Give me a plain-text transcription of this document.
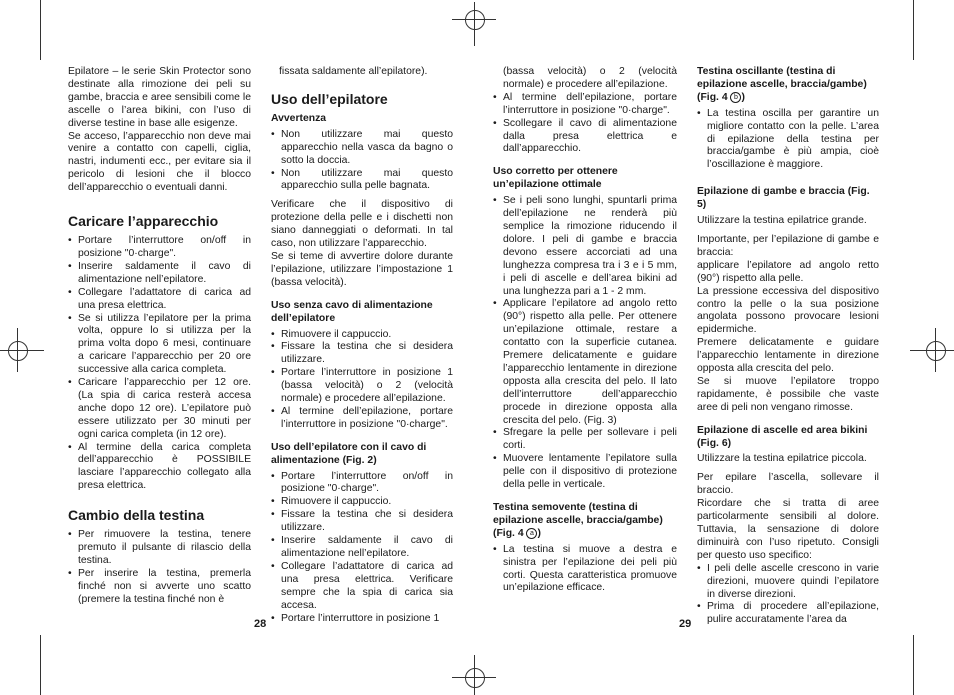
Epilatore – le serie Skin Protector sono destinate alla rimozione dei peli su gambe, braccia e aree sensibili come le ascelle o l’area bikini, con l’uso di diverse testine in base alle esigenze.

Se acceso, l’apparecchio non deve mai venire a contatto con capelli, ciglia, nastri, indumenti ecc., per evitare sia il pericolo di lesioni che il blocco dell’apparecchio o eventuali danni.

Caricare l’apparecchio
• Portare l’interruttore on/off in posizione "0·charge".
• Inserire saldamente il cavo di alimentazione nell’epilatore.
• Collegare l’adattatore di carica ad una presa elettrica.
• Se si utilizza l’epilatore per la prima volta, oppure lo si utilizza per la prima volta dopo 6 mesi, continuare a caricare l’apparecchio per 20 ore successive alla carica completa.
• Caricare l’apparecchio per 12 ore. (La spia di carica resterà accesa anche dopo 12 ore). L’epilatore può essere utilizzato per 30 minuti per ogni carica completa (in 12 ore).
• Al termine della carica completa dell’apparecchio è POSSIBILE lasciare l’apparecchio collegato alla presa elettrica.
Cambio della testina
• Per rimuovere la testina, tenere premuto il pulsante di rilascio della testina.
• Per inserire la testina, premerla finché non si avverte uno scatto (premere la testina finché non è

fissata saldamente all’epilatore).

Uso dell’epilatore
Avvertenza
• Non utilizzare mai questo apparecchio nella vasca da bagno o sotto la doccia.
• Non utilizzare mai questo apparecchio sulla pelle bagnata.

Verificare che il dispositivo di protezione della pelle e i dischetti non siano danneggiati o deformati. In tal caso, non utilizzare l’apparecchio.

Se si teme di avvertire dolore durante l’epilazione, utilizzare l’impostazione 1 (bassa velocità).

Uso senza cavo di alimentazione dell’epilatore
• Rimuovere il cappuccio.
• Fissare la testina che si desidera utilizzare.
• Portare l’interruttore in posizione 1 (bassa velocità) o 2 (velocità normale) e procedere all’epilazione.
• Al termine dell’epilazione, portare l’interruttore in posizione "0·charge".
Uso dell’epilatore con il cavo di alimentazione (Fig. 2)
• Portare l’interruttore on/off in posizione "0·charge".
• Rimuovere il cappuccio.
• Fissare la testina che si desidera utilizzare.
• Inserire saldamente il cavo di alimentazione nell’epilatore.
• Collegare l’adattatore di carica ad una presa elettrica. Verificare sempre che la spia di carica sia accesa.
• Portare l’interruttore in posizione 1

(bassa velocità) o 2 (velocità normale) e procedere all’epilazione.

• Al termine dell’epilazione, portare l’interruttore in posizione "0·charge".
• Scollegare il cavo di alimentazione dalla presa elettrica e dall’apparecchio.
Uso corretto per ottenere un’epilazione ottimale
• Se i peli sono lunghi, spuntarli prima dell’epilazione ne renderà più semplice la rimozione riducendo il dolore. I peli di gambe e braccia devono essere accorciati ad una lunghezza compresa tra i 3 e i 5 mm, i peli di ascelle e dell’area bikini ad una lunghezza pari a 1 - 2 mm.
• Applicare l’epilatore ad angolo retto (90°) rispetto alla pelle. Per ottenere un’epilazione ottimale, restare a contatto con la superficie cutanea. Premere delicatamente e guidare l’apparecchio lentamente in direzione opposta alla crescita del pelo. Il lato dell’interruttore dell’apparecchio procede in direzione opposta alla crescita del pelo. (Fig. 3)
• Sfregare la pelle per sollevare i peli corti.
• Muovere lentamente l’epilatore sulla pelle con il dispositivo di protezione della pelle in verticale.
Testina semovente (testina di epilazione ascelle, braccia/gambe) (Fig. 4 a )
• La testina si muove a destra e sinistra per l’epilazione dei peli più corti. Questa caratteristica promuove un’epilazione efficace.
Testina oscillante (testina di epilazione ascelle, braccia/gambe) (Fig. 4 b )
• La testina oscilla per garantire un migliore contatto con la pelle. L’area di epilazione della testina per braccia/gambe è più ampia, cioè l’oscillazione è maggiore.
Epilazione di gambe e braccia (Fig. 5)

Utilizzare la testina epilatrice grande.

Importante, per l’epilazione di gambe e braccia:

applicare l’epilatore ad angolo retto (90°) rispetto alla pelle.

La pressione eccessiva del dispositivo contro la pelle o la sua posizione angolata possono provocare lesioni epidermiche.

Premere delicatamente e guidare l’apparecchio lentamente in direzione opposta alla crescita del pelo.

Se si muove l’epilatore troppo rapidamente, è possibile che vaste aree di peli non vengano rimosse.

Epilazione di ascelle ed area bikini (Fig. 6)

Utilizzare la testina epilatrice piccola.

Per epilare l’ascella, sollevare il braccio.

Ricordare che si tratta di aree particolarmente sensibili al dolore. Tuttavia, la sensazione di dolore diminuirà con l’uso ripetuto. Consigli per questo uso specifico:

• I peli delle ascelle crescono in varie direzioni, muovere quindi l’epilatore in diverse direzioni.
• Prima di procedere all’epilazione, pulire accuratamente l’area da
28	29
